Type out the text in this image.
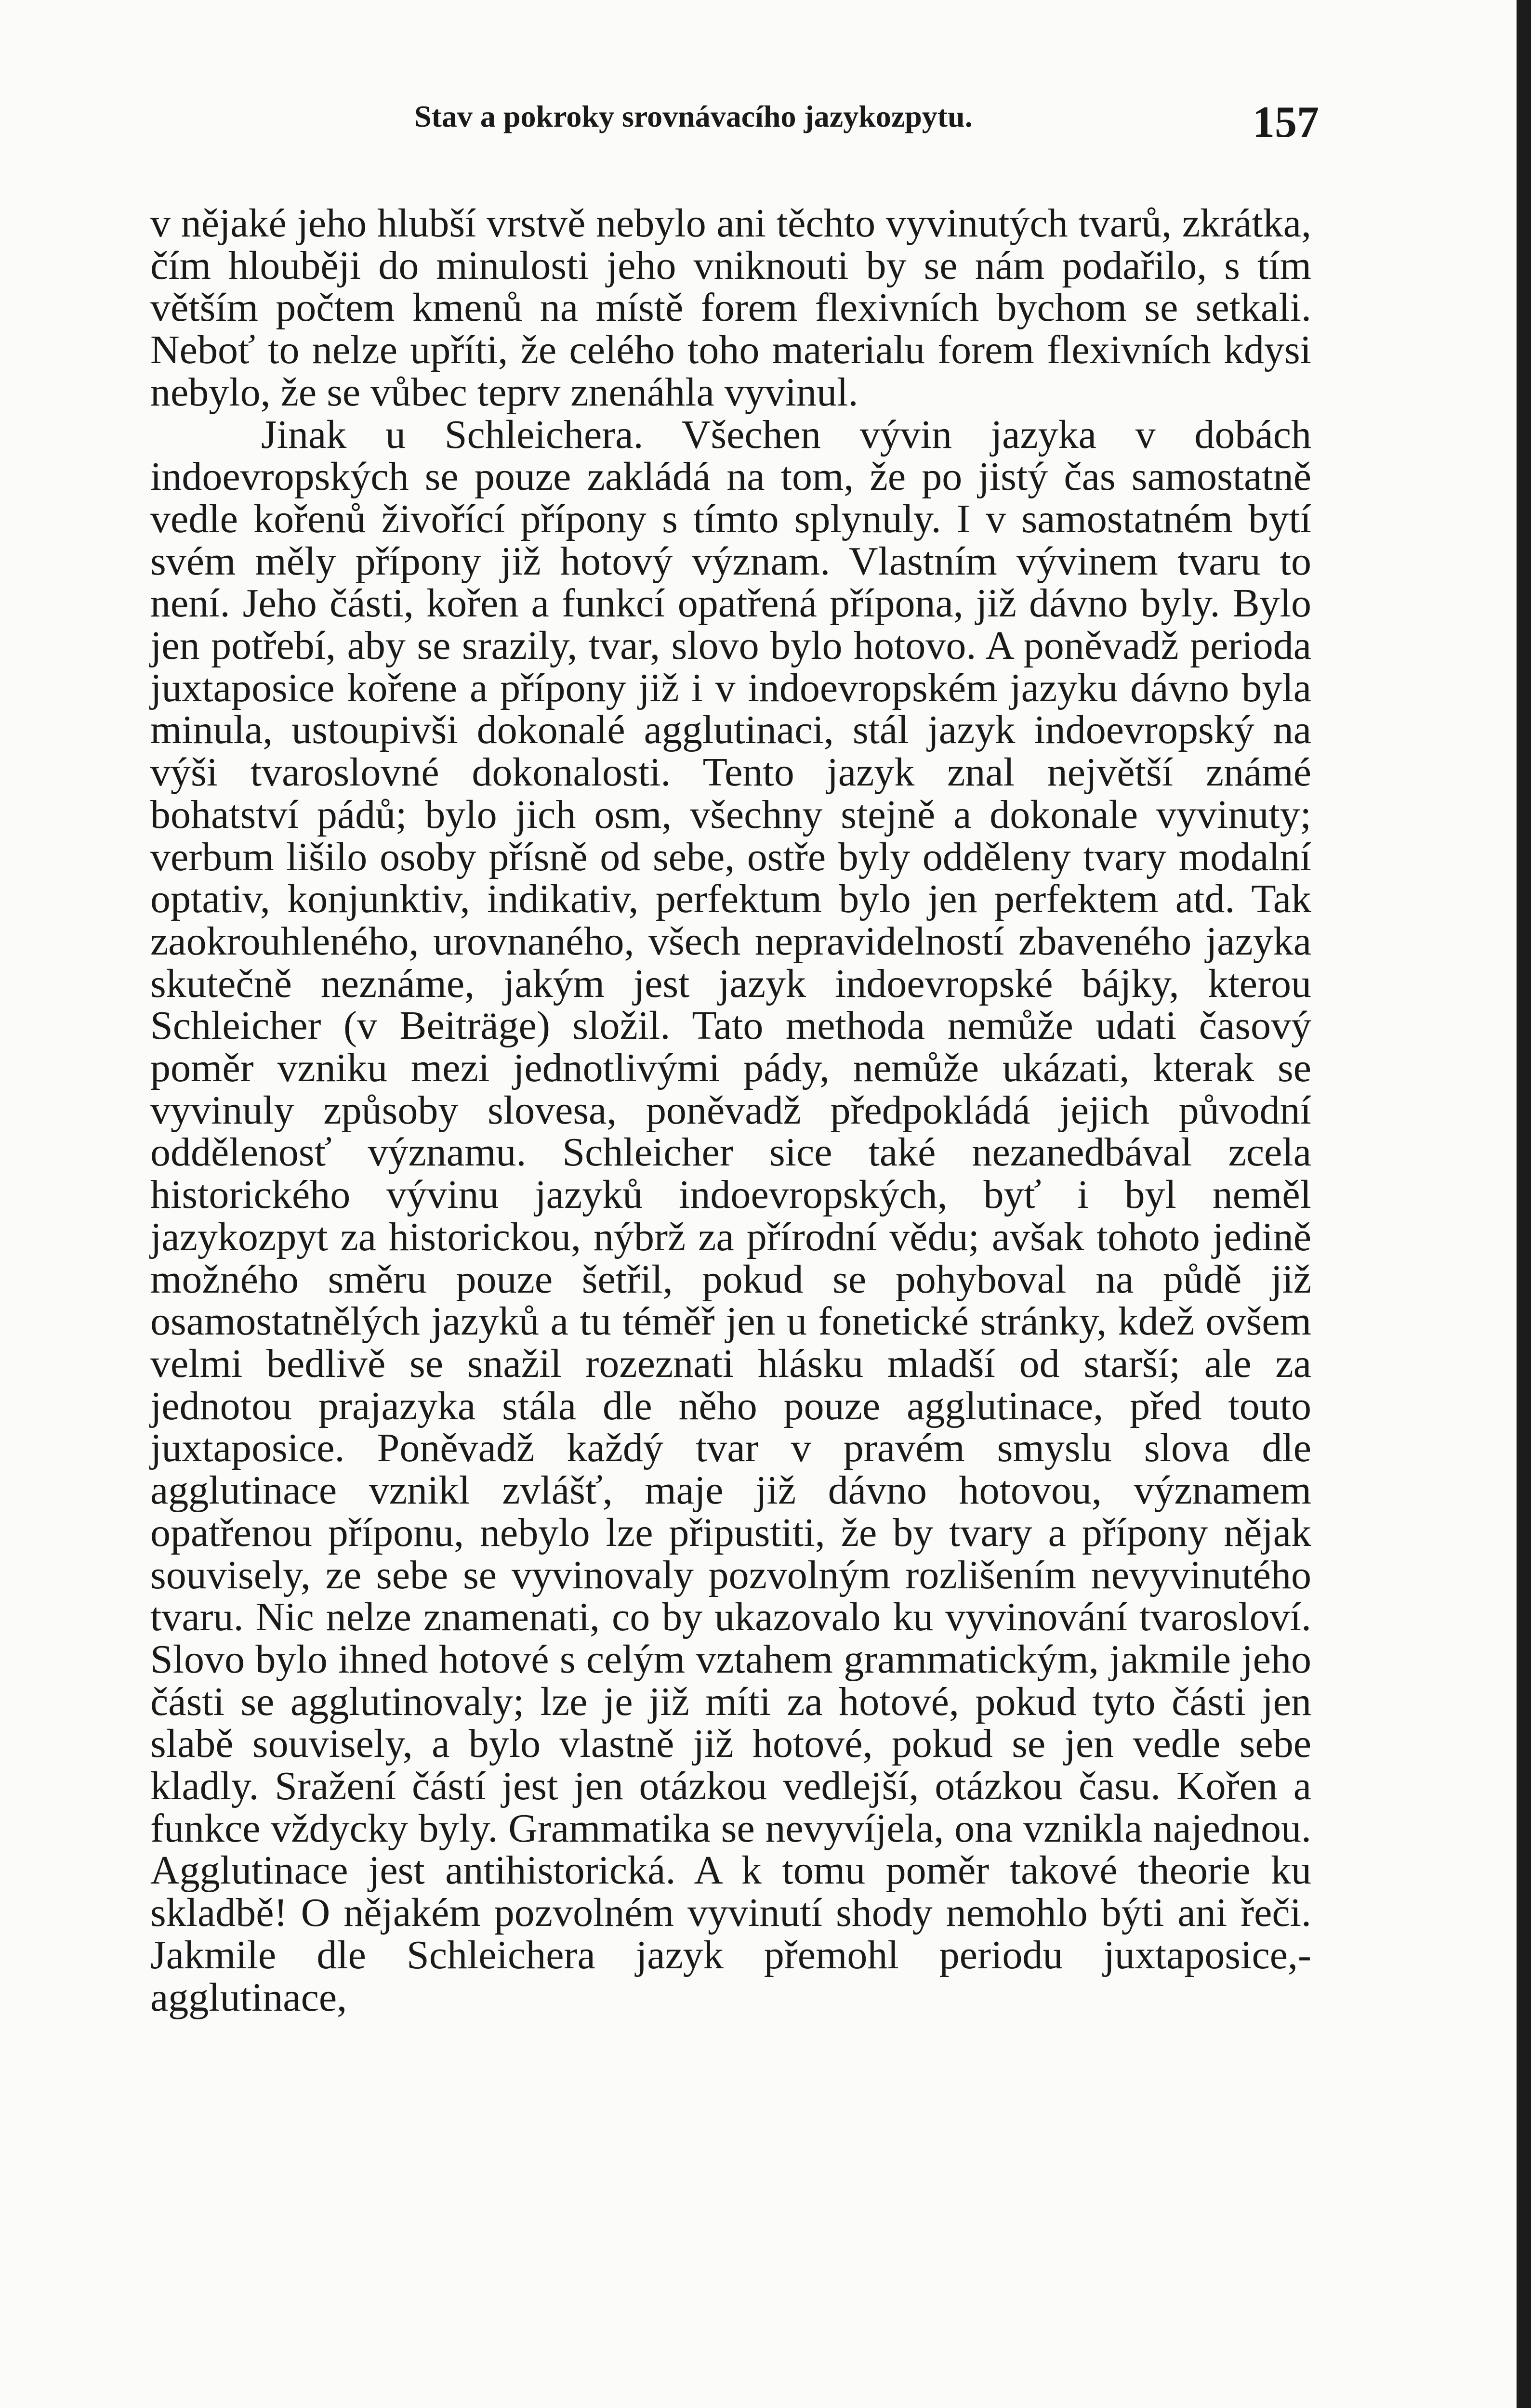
Stav a pokroky srovnávacího jazykozpytu.	157

v nějaké jeho hlubší vrstvě nebylo ani těchto vyvinutých tvarů, zkrátka, čím hlouběji do minulosti jeho vniknouti by se nám podařilo, s tím větším počtem kmenů na místě forem flexivních bychom se setkali. Neboť to nelze upříti, že celého toho materialu forem flexivních kdysi nebylo, že se vůbec teprv znenáhla vyvinul.

Jinak u Schleichera. Všechen vývin jazyka v dobách indoevropských se pouze zakládá na tom, že po jistý čas samostatně vedle kořenů živořící přípony s tímto splynuly. I v samostatném bytí svém měly přípony již hotový význam. Vlastním vývinem tvaru to není. Jeho části, kořen a funkcí opatřená přípona, již dávno byly. Bylo jen potřebí, aby se srazily, tvar, slovo bylo hotovo. A poněvadž perioda juxtaposice kořene a přípony již i v indoevropském jazyku dávno byla minula, ustoupivši dokonalé agglutinaci, stál jazyk indoevropský na výši tvaroslovné dokonalosti. Tento jazyk znal největší známé bohatství pádů; bylo jich osm, všechny stejně a dokonale vyvinuty; verbum lišilo osoby přísně od sebe, ostře byly odděleny tvary modalní optativ, konjunktiv, indikativ, perfektum bylo jen perfektem atd. Tak zaokrouhleného, urovnaného, všech nepravidelností zbaveného jazyka skutečně neznáme, jakým jest jazyk indoevropské bájky, kterou Schleicher (v Beiträge) složil. Tato methoda nemůže udati časový poměr vzniku mezi jednotlivými pády, nemůže ukázati, kterak se vyvinuly způsoby slovesa, poněvadž předpokládá jejich původní oddělenosť významu. Schleicher sice také nezanedbával zcela historického vývinu jazyků indoevropských, byť i byl neměl jazykozpyt za historickou, nýbrž za přírodní vědu; avšak tohoto jedině možného směru pouze šetřil, pokud se pohyboval na půdě již osamostatnělých jazyků a tu téměř jen u fonetické stránky, kdež ovšem velmi bedlivě se snažil rozeznati hlásku mladší od starší; ale za jednotou prajazyka stála dle něho pouze agglutinace, před touto juxtaposice. Poněvadž každý tvar v pravém smyslu slova dle agglutinace vznikl zvlášť, maje již dávno hotovou, významem opatřenou příponu, nebylo lze připustiti, že by tvary a přípony nějak souvisely, ze sebe se vyvinovaly pozvolným rozlišením nevyvinutého tvaru. Nic nelze znamenati, co by ukazovalo ku vyvinování tvarosloví. Slovo bylo ihned hotové s celým vztahem grammatickým, jakmile jeho části se agglutinovaly; lze je již míti za hotové, pokud tyto části jen slabě souvisely, a bylo vlastně již hotové, pokud se jen vedle sebe kladly. Sražení částí jest jen otázkou vedlejší, otázkou času. Kořen a funkce vždycky byly. Grammatika se nevyvíjela, ona vznikla najednou. Agglutinace jest antihistorická. A k tomu poměr takové theorie ku skladbě! O nějakém pozvolném vyvinutí shody nemohlo býti ani řeči. Jakmile dle Schleichera jazyk přemohl periodu juxtaposice,- agglutinace,
